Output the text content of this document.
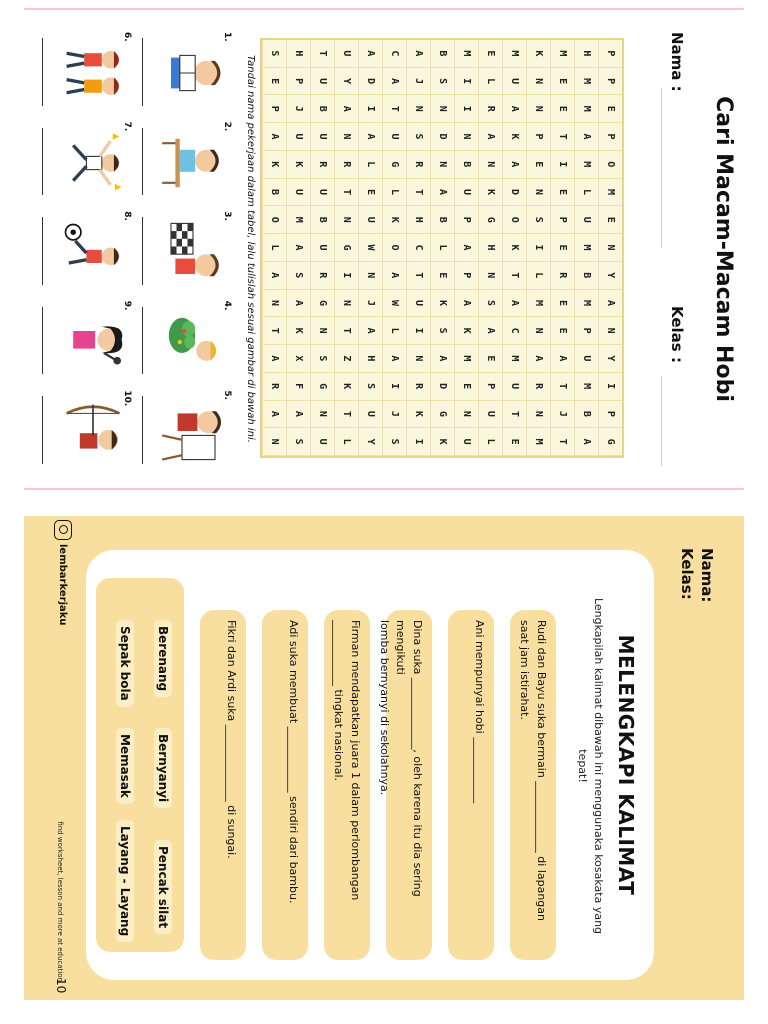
Cari Macam-Macam Hobi
Nama :
Kelas :
P
P
E
P
O
M
E
N
Y
A
N
Y
I
P
G
H
M
M
A
M
L
U
M
B
M
P
U
M
B
A
M
E
E
T
I
E
P
E
R
E
E
A
T
J
T
K
N
N
P
E
N
S
I
L
M
N
A
R
N
M
M
U
A
K
A
D
O
K
T
A
C
M
U
T
E
E
L
R
A
N
K
G
H
N
S
A
E
P
U
L
M
I
I
N
B
U
P
A
P
A
K
M
E
N
U
B
S
N
D
N
A
B
L
E
K
S
A
D
G
K
A
J
N
S
R
T
H
C
T
U
I
N
R
K
I
C
A
T
U
G
L
K
O
A
W
L
A
I
J
S
A
D
I
A
L
E
U
W
N
J
A
H
S
U
Y
U
Y
A
N
R
T
N
G
I
N
T
Z
K
T
L
T
U
B
U
R
U
B
U
R
G
N
S
G
N
U
H
P
J
U
K
U
M
A
S
A
K
X
F
A
S
S
E
P
A
K
B
O
L
A
N
T
A
R
A
N
Tandai nama pekerjaan dalam tabel, lalu tulislah sesuai gambar di bawah ini.
1.
2.
3.
4.
5.
6.
7.
8.
9.
10.
Nama:
Kelas:
MELENGKAPI KALIMAT
Lengkapilah kalimat dibawah ini menggunaka kosakata yang tepat!
Rudi dan Bayu suka bermain _____________ di lapangan
saat jam istirahat.
Ani mempunyai hobi ____________
Dina suka _____________, oleh karena itu dia sering mengikuti
lomba bernyanyi di sekolahnya.
Firman mendapatkan juara 1 dalam perlombangan
____________ tingkat nasional.
Adi suka membuat ____________ sendiri dari bambu.
Fikri dan Ardi suka ______________ di sungai.
Berenang
Bernyanyi
Pencak silat
Sepak bola
Memasak
Layang - Layang
lembarkerjaku
find worksheet, lesson and more at education
10
